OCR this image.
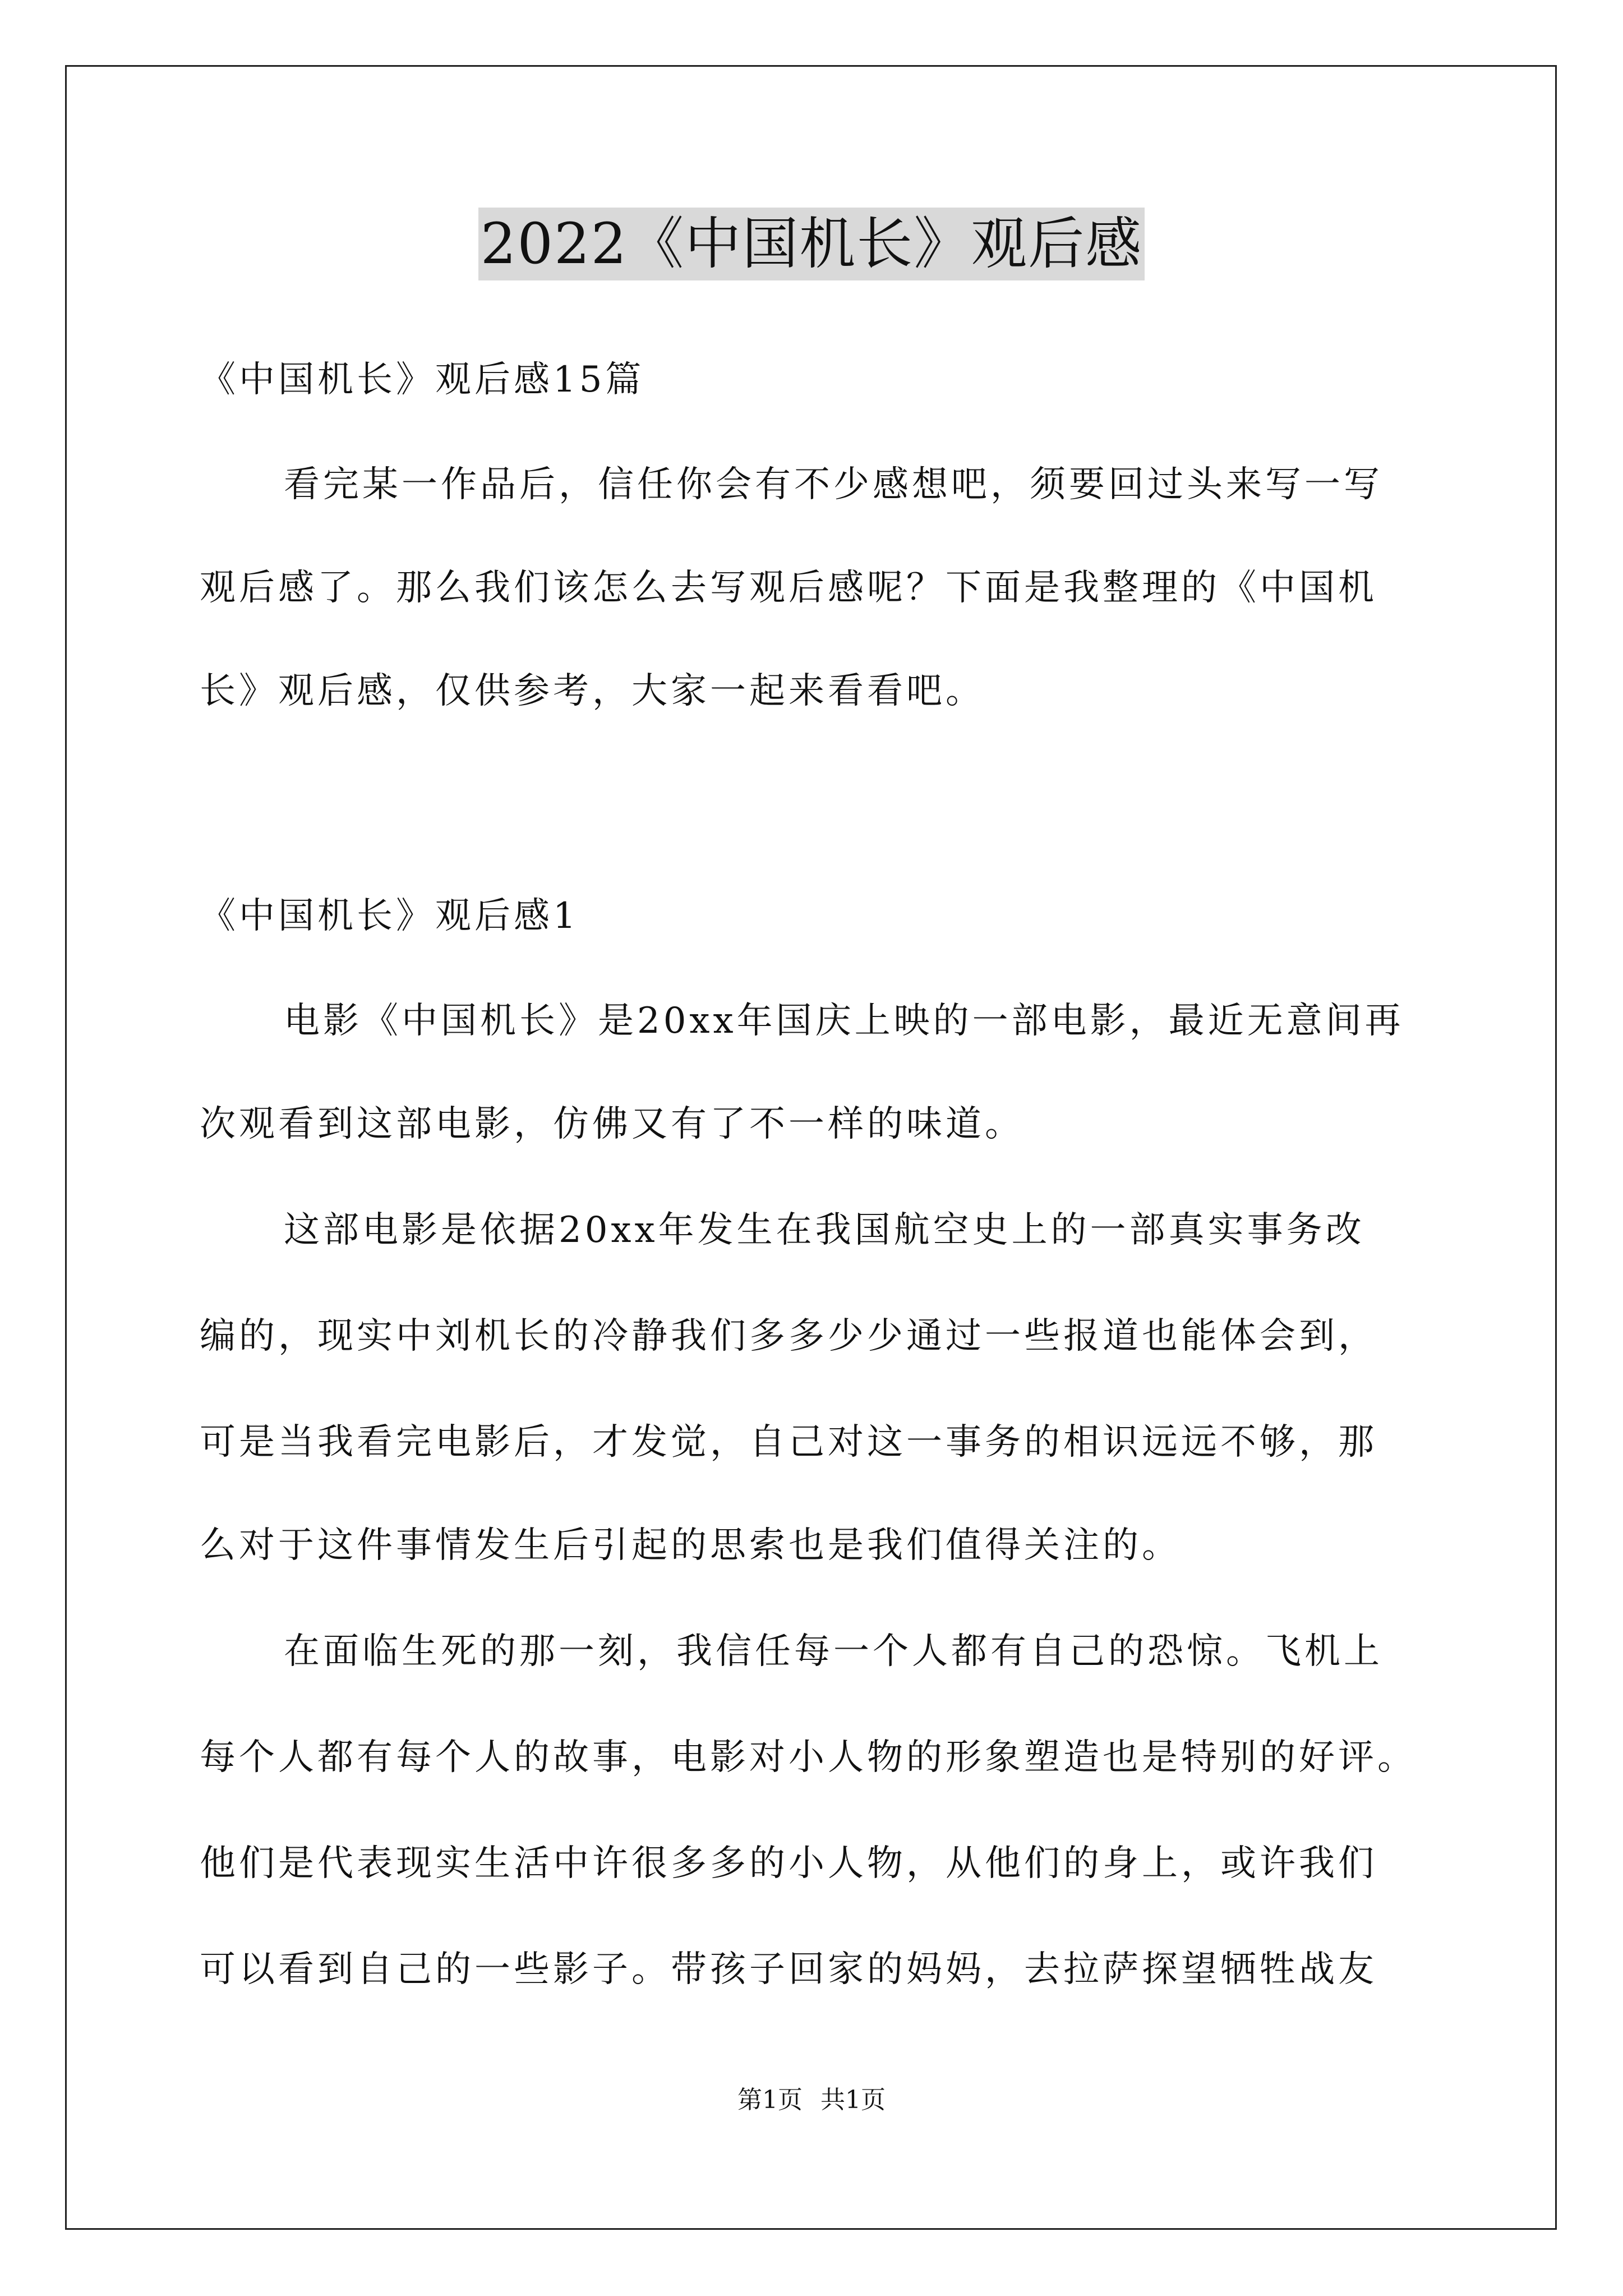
2022《中国机长》观后感
《中国机长》观后感15篇
看完某一作品后，信任你会有不少感想吧，须要回过头来写一写
观后感了。那么我们该怎么去写观后感呢？下面是我整理的《中国机
长》观后感，仅供参考，大家一起来看看吧。
《中国机长》观后感1
电影《中国机长》是20xx年国庆上映的一部电影，最近无意间再
次观看到这部电影，仿佛又有了不一样的味道。
这部电影是依据20xx年发生在我国航空史上的一部真实事务改
编的，现实中刘机长的冷静我们多多少少通过一些报道也能体会到，
可是当我看完电影后，才发觉，自己对这一事务的相识远远不够，那
么对于这件事情发生后引起的思索也是我们值得关注的。
在面临生死的那一刻，我信任每一个人都有自己的恐惊。飞机上
每个人都有每个人的故事，电影对小人物的形象塑造也是特别的好评。
他们是代表现实生活中许很多多的小人物，从他们的身上，或许我们
可以看到自己的一些影子。带孩子回家的妈妈，去拉萨探望牺牲战友
第1页 共1页
